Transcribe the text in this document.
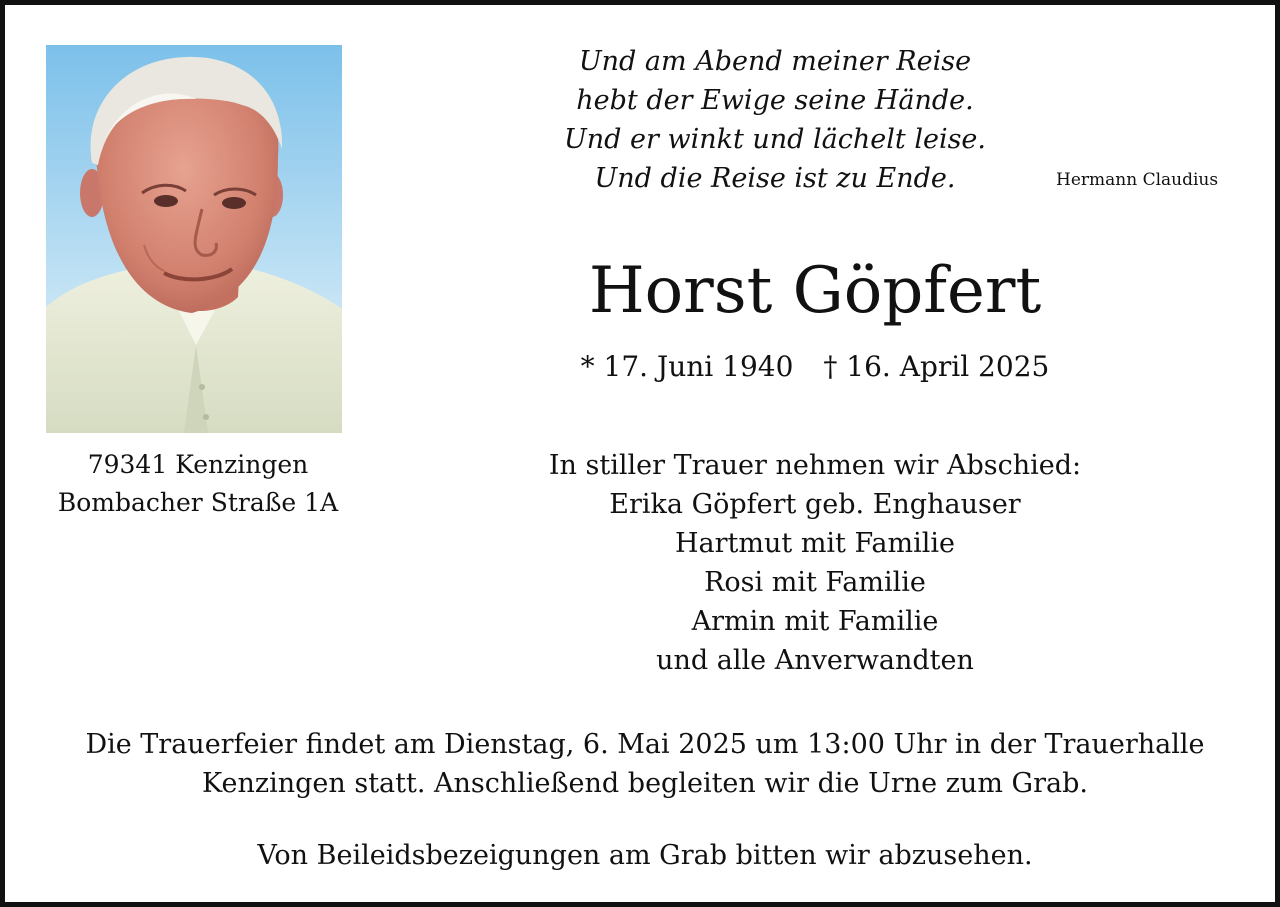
79341 Kenzingen
Bombacher Straße 1A
Und am Abend meiner Reise
hebt der Ewige seine Hände.
Und er winkt und lächelt leise.
Und die Reise ist zu Ende.	Hermann Claudius
Horst Göpfert
* 17. Juni 1940 † 16. April 2025
In stiller Trauer nehmen wir Abschied:
Erika Göpfert geb. Enghauser
Hartmut mit Familie
Rosi mit Familie
Armin mit Familie
und alle Anverwandten
Die Trauerfeier findet am Dienstag, 6. Mai 2025 um 13:00 Uhr in der Trauerhalle
Kenzingen statt. Anschließend begleiten wir die Urne zum Grab.
Von Beileidsbezeigungen am Grab bitten wir abzusehen.
